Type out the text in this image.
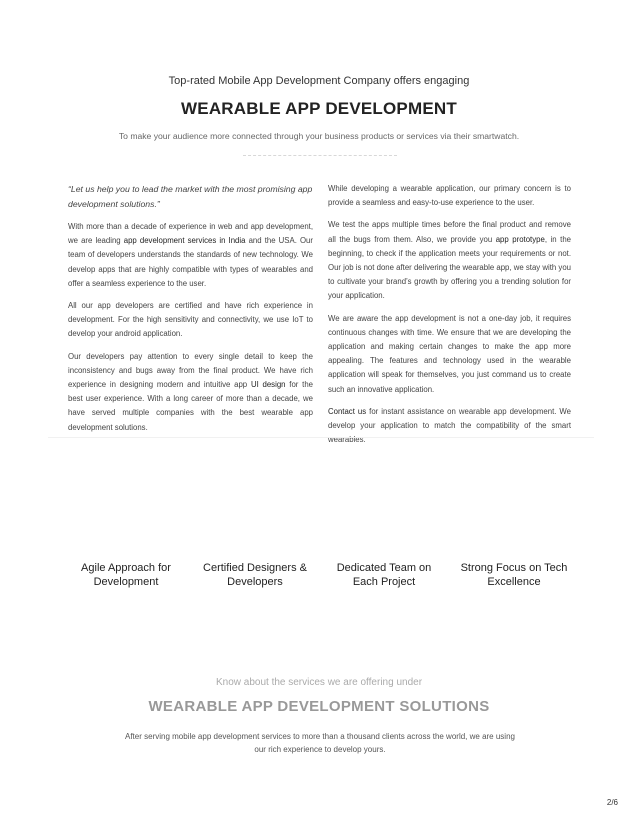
Top-rated Mobile App Development Company offers engaging
WEARABLE APP DEVELOPMENT
To make your audience more connected through your business products or services via their smartwatch.

“Let us help you to lead the market with the most promising app development solutions.”

With more than a decade of experience in web and app development, we are leading app development services in India and the USA. Our team of developers understands the standards of new technology. We develop apps that are highly compatible with types of wearables and offer a seamless experience to the user.

All our app developers are certified and have rich experience in development. For the high sensitivity and connectivity, we use IoT to develop your android application.

Our developers pay attention to every single detail to keep the inconsistency and bugs away from the final product. We have rich experience in designing modern and intuitive app UI design for the best user experience. With a long career of more than a decade, we have served multiple companies with the best wearable app development solutions.

While developing a wearable application, our primary concern is to provide a seamless and easy-to-use experience to the user.

We test the apps multiple times before the final product and remove all the bugs from them. Also, we provide you app prototype, in the beginning, to check if the application meets your requirements or not. Our job is not done after delivering the wearable app, we stay with you to cultivate your brand’s growth by offering you a trending solution for your application.

We are aware the app development is not a one-day job, it requires continuous changes with time. We ensure that we are developing the application and making certain changes to make the app more appealing. The features and technology used in the wearable application will speak for themselves, you just command us to create such an innovative application.

Contact us for instant assistance on wearable app development. We develop your application to match the compatibility of the smart wearables.

Agile Approach for Development
Certified Designers & Developers
Dedicated Team on Each Project
Strong Focus on Tech Excellence
Know about the services we are offering under
WEARABLE APP DEVELOPMENT SOLUTIONS
After serving mobile app development services to more than a thousand clients across the world, we are using our rich experience to develop yours.
2/6
